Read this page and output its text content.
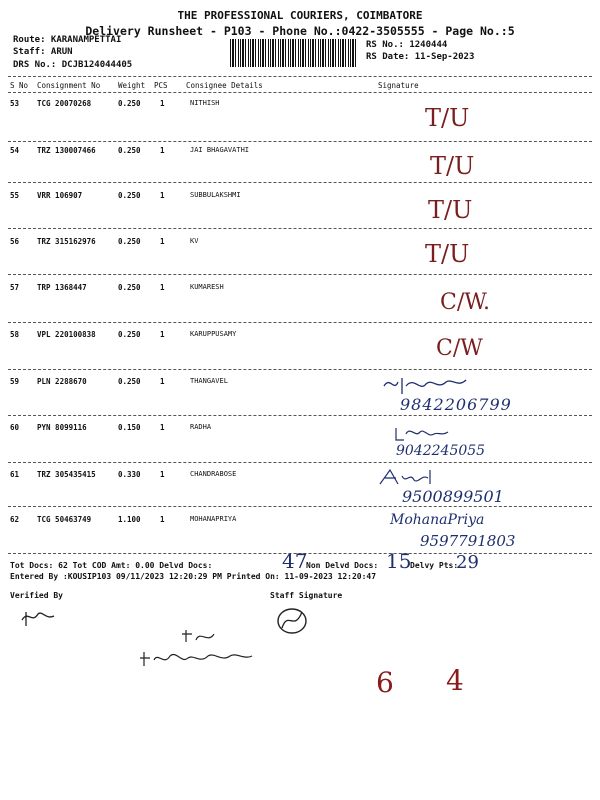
THE PROFESSIONAL COURIERS, COIMBATORE
Delivery Runsheet - P103 - Phone No.:0422-3505555 - Page No.:5
Route: KARANAMPETTAI
Staff: ARUN
DRS No.: DCJB124044405
RS No.: 1240444
RS Date: 11-Sep-2023
S No Consignment No Weight PCS Consignee Details	Signature
53 TCG 20070268	0.250	1	NITHISH
T/U
54 TRZ 130007466	0.250	1	JAI BHAGAVATHI
T/U
55 VRR 106907	0.250	1	SUBBULAKSHMI
T/U
56 TRZ 315162976	0.250	1	KV	T/U
57 TRP 1368447	0.250	1	KUMARESH
C/W.
58 VPL 220100838	0.250	1	KARUPPUSAMY
C/W
59 PLN 2288670	0.250	1	THANGAVEL
9842206799
60 PYN 8099116	0.150	1	RADHA
9042245055
61 TRZ 305435415	0.330	1	CHANDRABOSE
9500899501
62 TCG 50463749	1.100	1	MOHANAPRIYA	MohanaPriya
9597791803
Tot Docs: 62 Tot COD Amt: 0.00 Delvd Docs:	47
Non Delvd Docs: 15
Delvy Pts:
29
Entered By :KOUSIP103 09/11/2023 12:20:29 PM Printed On: 11-09-2023 12:20:47
Verified By	Staff Signature
6 4
